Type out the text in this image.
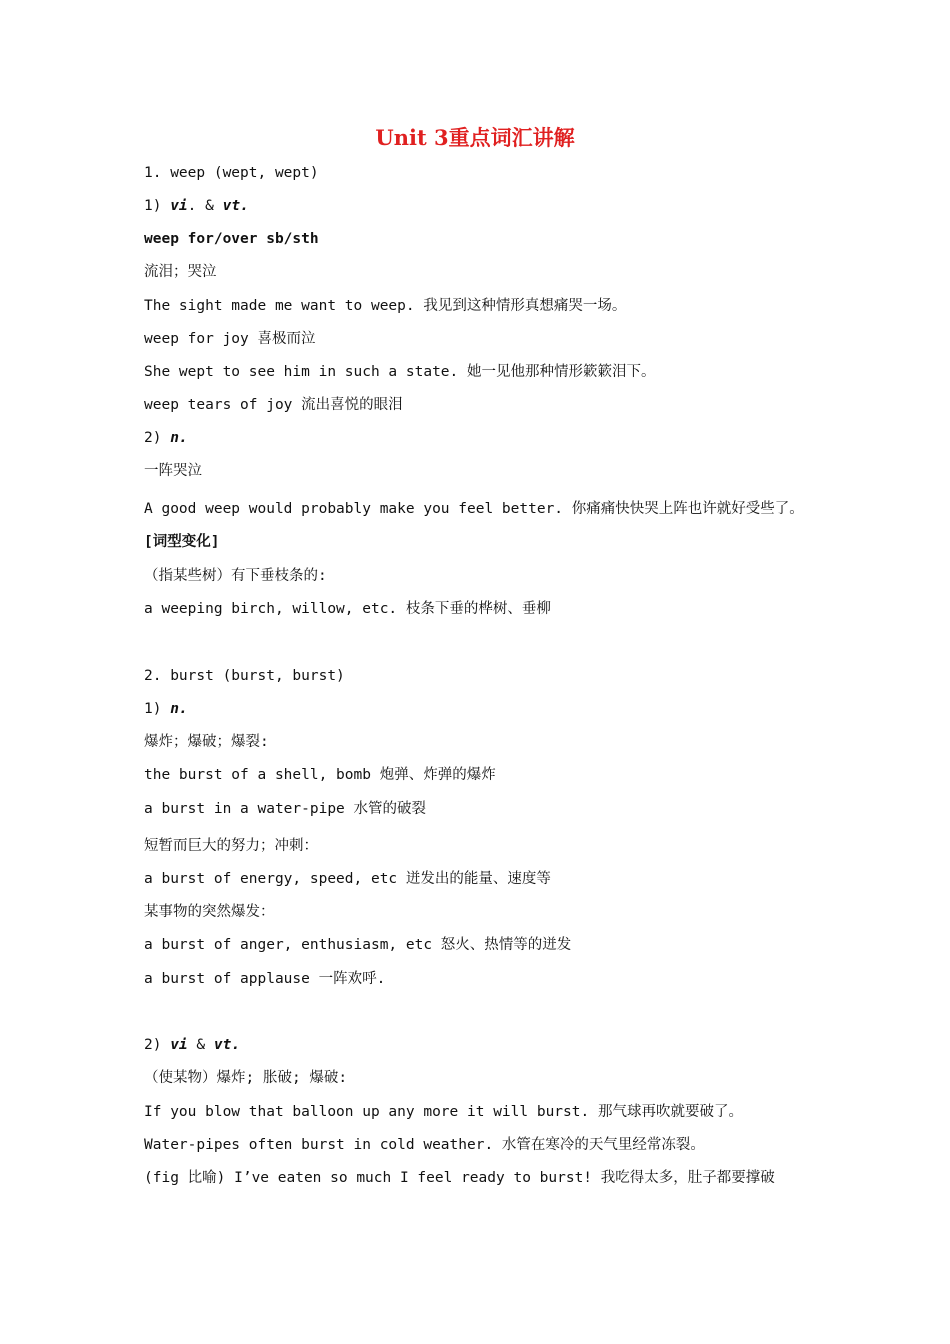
Unit 3重点词汇讲解
1. weep (wept, wept)
1) vi. & vt.
weep for/over sb/sth
流泪；哭泣
The sight made me want to weep. 我见到这种情形真想痛哭一场。
weep for joy 喜极而泣
She wept to see him in such a state. 她一见他那种情形簌簌泪下。
weep tears of joy 流出喜悦的眼泪
2) n.
一阵哭泣
A good weep would probably make you feel better. 你痛痛快快哭上阵也许就好受些了。
[词型变化]
（指某些树）有下垂枝条的:
a weeping birch, willow, etc. 枝条下垂的桦树、垂柳
2. burst (burst, burst)
1) n.
爆炸；爆破；爆裂:
the burst of a shell, bomb 炮弹、炸弹的爆炸
a burst in a water-pipe 水管的破裂
短暂而巨大的努力；冲刺：
a burst of energy, speed, etc 迸发出的能量、速度等
某事物的突然爆发：
a burst of anger, enthusiasm, etc 怒火、热情等的迸发
a burst of applause 一阵欢呼.
2) vi & vt.
（使某物）爆炸; 胀破; 爆破:
If you blow that balloon up any more it will burst. 那气球再吹就要破了。
Water-pipes often burst in cold weather. 水管在寒冷的天气里经常冻裂。
(fig 比喻) I’ve eaten so much I feel ready to burst! 我吃得太多，肚子都要撑破
